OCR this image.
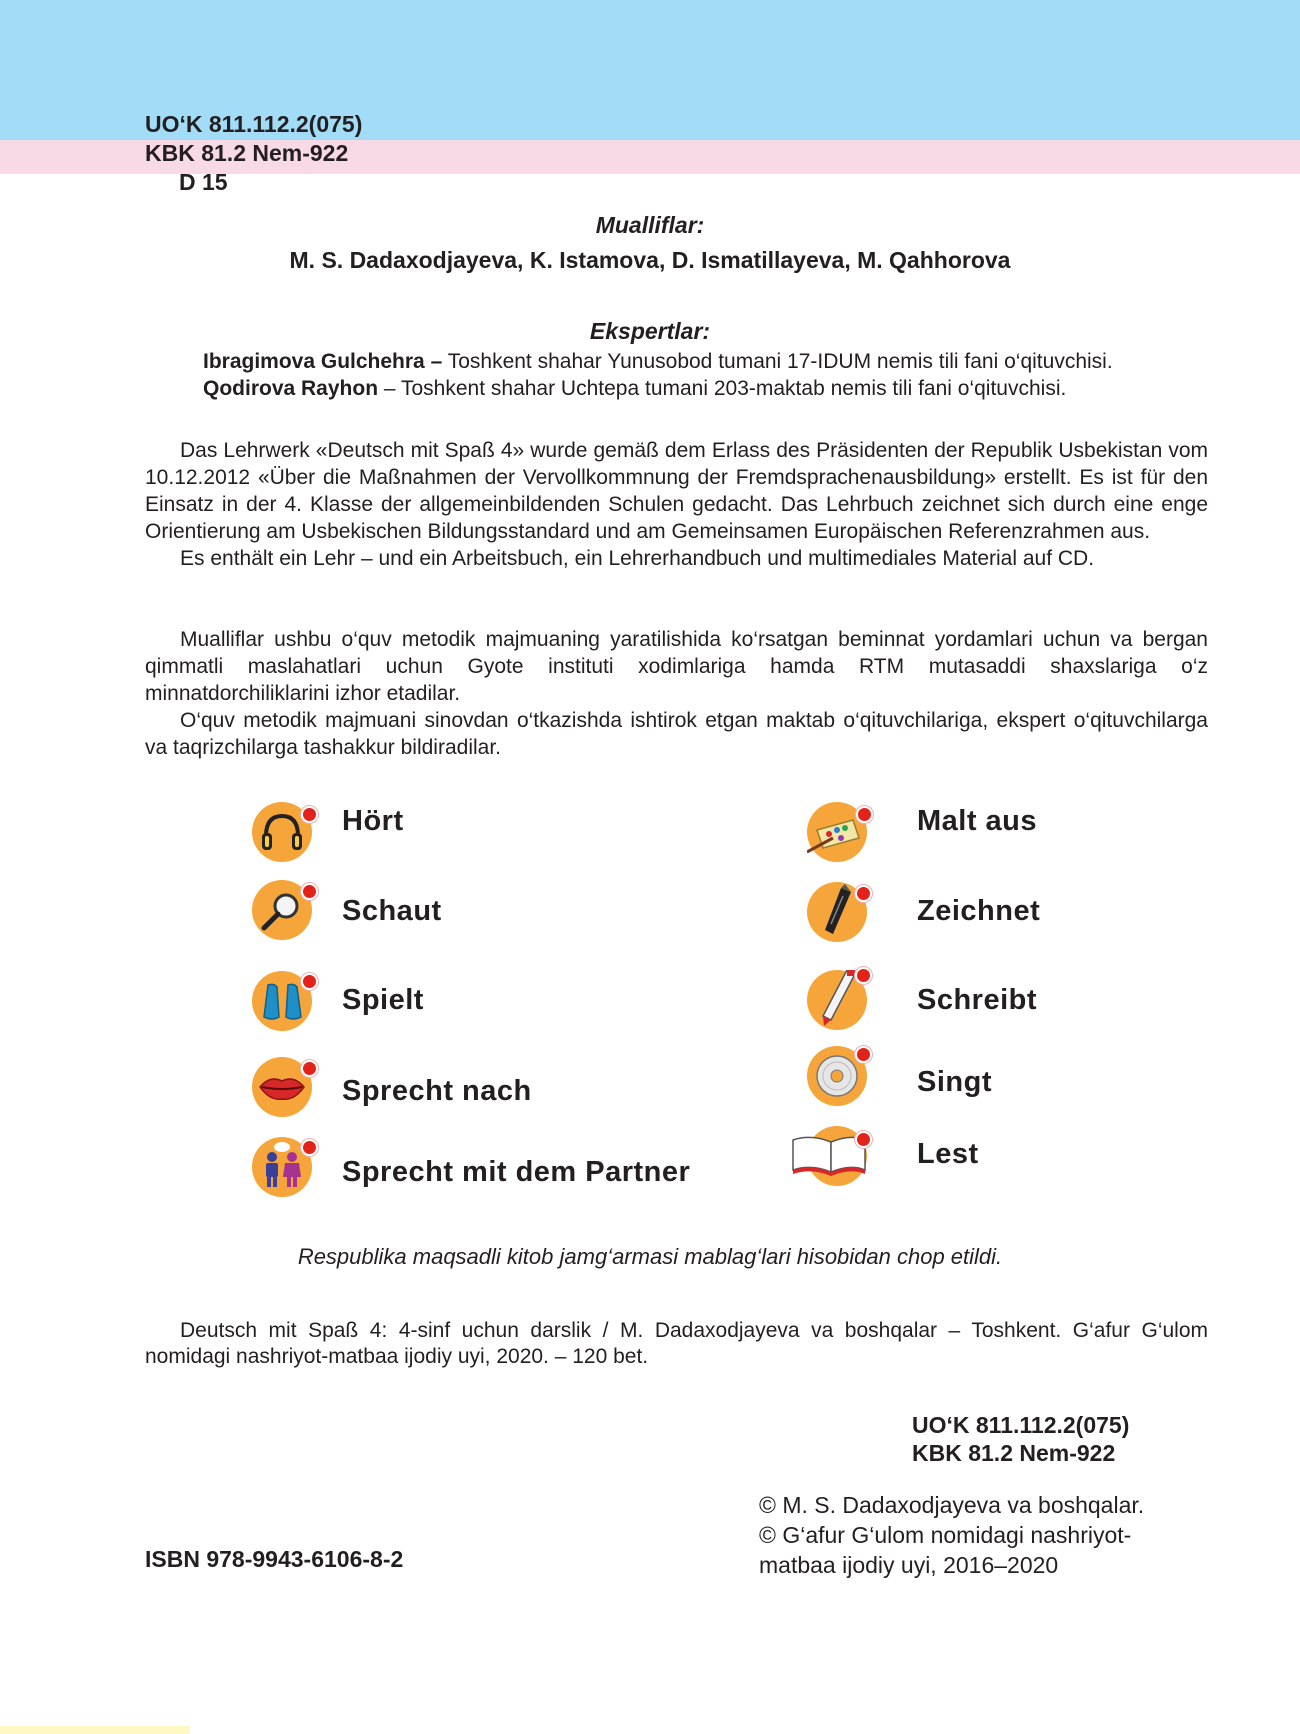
UO‘K 811.112.2(075)
KBK 81.2 Nem-922
D 15
Mualliflar:
M. S. Dadaxodjayeva, K. Istamova, D. Ismatillayeva, M. Qahhorova
Ekspertlar:
Ibragimova Gulchehra – Toshkent shahar Yunusobod tumani 17-IDUM nemis tili fani o‘qituvchisi.
Qodirova Rayhon – Toshkent shahar Uchtepa tumani 203-maktab nemis tili fani o‘qituvchisi.

Das Lehrwerk «Deutsch mit Spaß 4» wurde gemäß dem Erlass des Präsidenten der Republik Usbekistan vom 10.12.2012 «Über die Maßnahmen der Vervollkommnung der Fremdsprachenausbildung» erstellt. Es ist für den Einsatz in der 4. Klasse der allgemeinbildenden Schulen gedacht. Das Lehrbuch zeichnet sich durch eine enge Orientierung am Usbekischen Bildungsstandard und am Gemeinsamen Europäischen Referenzrahmen aus.

Es enthält ein Lehr – und ein Arbeitsbuch, ein Lehrerhandbuch und multimediales Material auf CD.

Mualliflar ushbu o‘quv metodik majmuaning yaratilishida ko‘rsatgan beminnat yordamlari uchun va bergan qimmatli maslahatlari uchun Gyote instituti xodimlariga hamda RTM mutasaddi shaxslariga o‘z minnatdorchiliklarini izhor etadilar.

O‘quv metodik majmuani sinovdan o‘tkazishda ishtirok etgan maktab o‘qituvchilariga, ekspert o‘qituvchilarga va taqrizchilarga tashakkur bildiradilar.

Hört
Schaut
Spielt
Sprecht nach
Sprecht mit dem Partner
Malt aus
Zeichnet
Schreibt
Singt
Lest
Respublika maqsadli kitob jamg‘armasi mablag‘lari hisobidan chop etildi.

Deutsch mit Spaß 4: 4-sinf uchun darslik / M. Dadaxodjayeva va boshqalar – Toshkent. G‘afur G‘ulom nomidagi nashriyot-matbaa ijodiy uyi, 2020. – 120 bet.

UO‘K 811.112.2(075)
KBK 81.2 Nem-922
© M. S. Dadaxodjayeva va boshqalar.
© G‘afur G‘ulom nomidagi nashriyot-
matbaa ijodiy uyi, 2016–2020
ISBN 978-9943-6106-8-2
